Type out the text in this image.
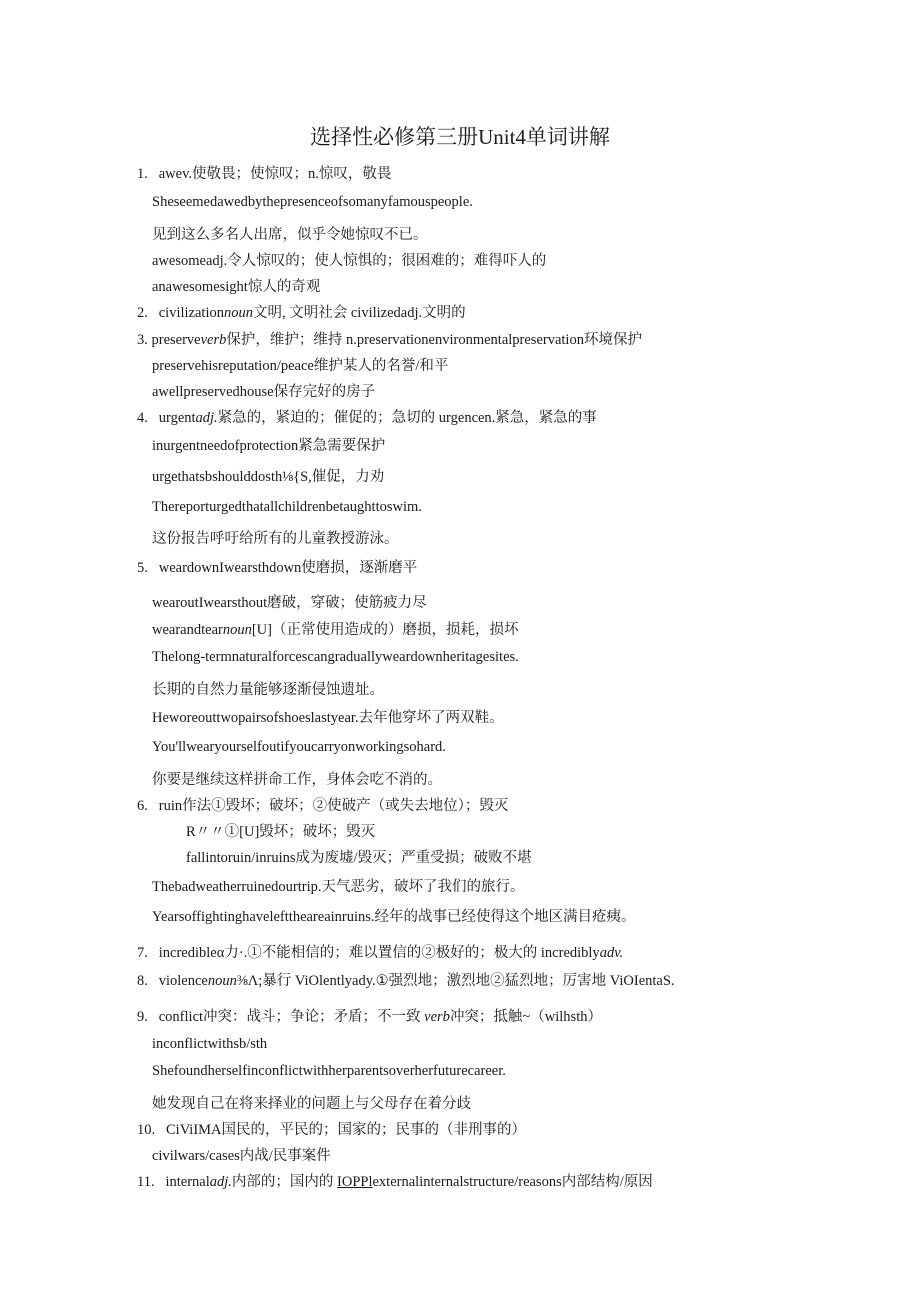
选择性必修第三册Unit4单词讲解
1.   awev.使敬畏；使惊叹；n.惊叹，敬畏
Sheseemedawedbythepresenceofsomanyfamouspeople.
见到这么多名人出席，似乎令她惊叹不已。
awesomeadj.令人惊叹的；使人惊惧的；很困难的；难得吓人的
anawesomesight惊人的奇观
2.   civilizationnoun文明, 文明社会 civilizedadj.文明的
3. preserveverb保护，维护；维持 n.preservationenvironmentalpreservation环境保护
preservehisreputation/peace维护某人的名誉/和平
awellpreservedhouse保存完好的房子
4.   urgentadj.紧急的，紧迫的；催促的；急切的 urgencen.紧急，紧急的事
inurgentneedofprotection紧急需要保护
urgethatsbshoulddosth⅛{S,催促，力劝
Thereporturgedthatallchildrenbetaughttoswim.
这份报告呼吁给所有的儿童教授游泳。
5.   weardownIwearsthdown使磨损，逐渐磨平
wearoutIwearsthout磨破，穿破；使筋疲力尽
wearandtearnoun[U]（正常使用造成的）磨损，损耗，损坏
Thelong-termnaturalforcescangraduallyweardownheritagesites.
长期的自然力量能够逐渐侵蚀遗址。
Heworeouttwopairsofshoeslastyear.去年他穿坏了两双鞋。
You'llwearyourselfoutifyoucarryonworkingsohard.
你要是继续这样拼命工作，身体会吃不消的。
6.   ruin作法①毁坏；破坏；②使破产（或失去地位）；毁灭
R〃〃①[U]毁坏；破坏；毁灭
fallintoruin/inruins成为废墟/毁灭；严重受损；破败不堪
Thebadweatherruinedourtrip.天气恶劣，破坏了我们的旅行。
Yearsoffightinghavelefttheareainruins.经年的战事已经使得这个地区满目疮痍。
7.   incredibleα力·.①不能相信的；难以置信的②极好的；极大的 incrediblyadv.
8.   violencenoun⅜Λ;暴行 ViOlentlyady.①强烈地；激烈地②猛烈地；厉害地 ViOIentaS.
9.   conflict冲突：战斗；争论；矛盾；不一致 verb冲突；抵触~（wilhsth）
inconflictwithsb/sth
Shefoundherselfinconflictwithherparentsoverherfuturecareer.
她发现自己在将来择业的问题上与父母存在着分歧
10.   CiViIMA国民的，平民的；国家的；民事的（非刑事的）
civilwars/cases内战/民事案件
11.   internaladj.内部的；国内的 IOPPlexternalinternalstructure/reasons内部结构/原因
